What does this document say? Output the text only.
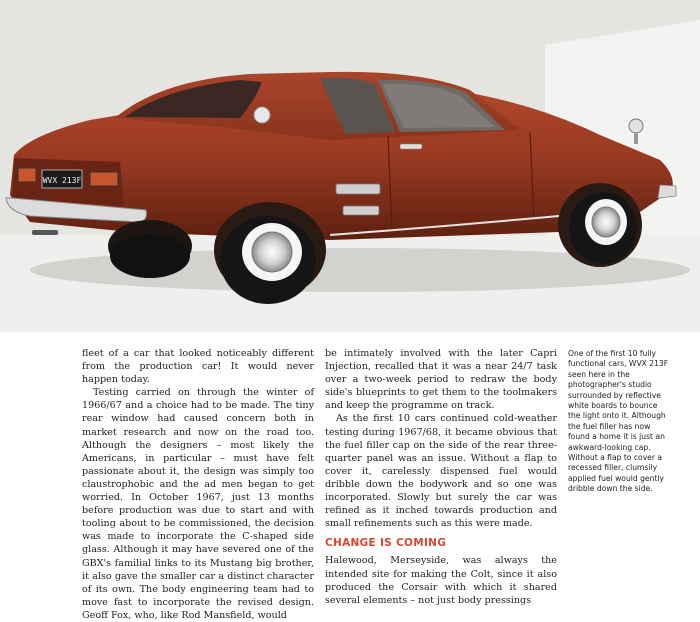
WVX 213F

fleet of a car that looked noticeably different from the production car! It would never happen today.

Testing carried on through the winter of 1966/67 and a choice had to be made. The tiny rear window had caused concern both in market research and now on the road too. Although the designers – most likely the Americans, in particular – must have felt passionate about it, the design was simply too claustrophobic and the ad men began to get worried. In October 1967, just 13 months before production was due to start and with tooling about to be commissioned, the decision was made to incorporate the C-shaped side glass. Although it may have severed one of the GBX's familial links to its Mustang big brother, it also gave the smaller car a distinct character of its own. The body engineering team had to move fast to incorporate the revised design. Geoff Fox, who, like Rod Mansfield, would

be intimately involved with the later Capri Injection, recalled that it was a near 24/7 task over a two-week period to redraw the body side's blueprints to get them to the toolmakers and keep the programme on track.

As the first 10 cars continued cold-weather testing during 1967/68, it became obvious that the fuel filler cap on the side of the rear three-quarter panel was an issue. Without a flap to cover it, carelessly dispensed fuel would dribble down the bodywork and so one was incorporated. Slowly but surely the car was refined as it inched towards production and small refinements such as this were made.

CHANGE IS COMING

Halewood, Merseyside, was always the intended site for making the Colt, since it also produced the Corsair with which it shared several elements – not just body pressings

One of the first 10 fully functional cars, WVX 213F seen here in the photographer's studio surrounded by reflective white boards to bounce the light onto it. Although the fuel filler has now found a home it is just an awkward-looking cap. Without a flap to cover a recessed filler, clumsily applied fuel would gently dribble down the side.
